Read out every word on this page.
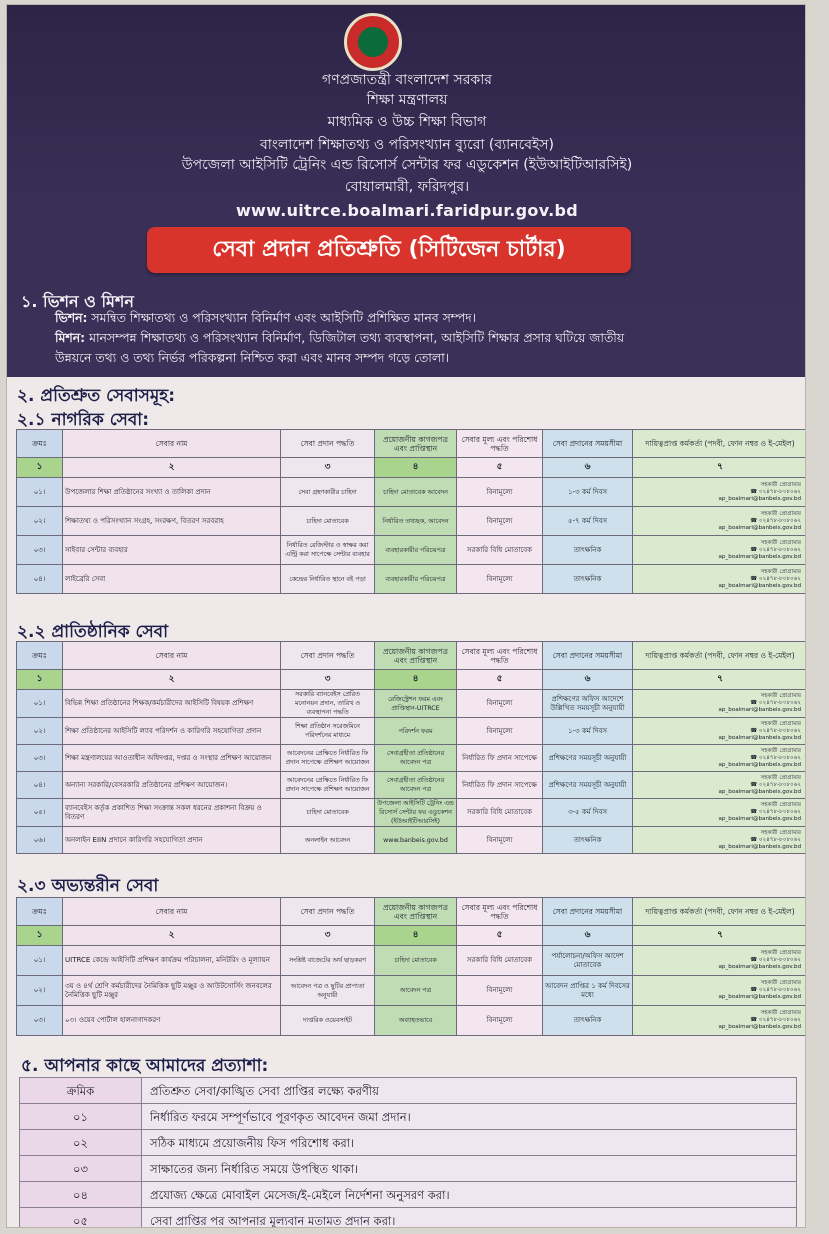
গণপ্রজাতন্ত্রী বাংলাদেশ সরকার
শিক্ষা মন্ত্রণালয়
মাধ্যমিক ও উচ্চ শিক্ষা বিভাগ
বাংলাদেশ শিক্ষাতথ্য ও পরিসংখ্যান ব্যুরো (ব্যানবেইস)
উপজেলা আইসিটি ট্রেনিং এন্ড রিসোর্স সেন্টার ফর এডুকেশন (ইউআইটিআরসিই)
বোয়ালমারী, ফরিদপুর।
www.uitrce.boalmari.faridpur.gov.bd
সেবা প্রদান প্রতিশ্রুতি (সিটিজেন চার্টার)
১. ভিশন ও মিশন
ভিশন: সমন্বিত শিক্ষাতথ্য ও পরিসংখ্যান বিনির্মাণ এবং আইসিটি প্রশিক্ষিত মানব সম্পদ।
মিশন: মানসম্পন্ন শিক্ষাতথ্য ও পরিসংখ্যান বিনির্মাণ, ডিজিটাল তথ্য ব্যবস্থাপনা, আইসিটি শিক্ষার প্রসার ঘটিয়ে জাতীয়
উন্নয়নে তথ্য ও তথ্য নির্ভর পরিকল্পনা নিশ্চিত করা এবং মানব সম্পদ গড়ে তোলা।
২. প্রতিশ্রুত সেবাসমূহ:
২.১ নাগরিক সেবা:
ক্রমঃ	সেবার নাম	সেবা প্রদান পদ্ধতি	প্রয়োজনীয় কাগজপত্র এবং প্রাপ্তিস্থান	সেবার মূল্য এবং পরিশোধ পদ্ধতি	সেবা প্রদানের সময়সীমা	দায়িত্বপ্রাপ্ত কর্মকর্তা (পদবী, ফোন নম্বর ও ই-মেইল)
১	২	৩	৪	৫	৬	৭
০১।	উপজেলার শিক্ষা প্রতিষ্ঠানের সংখ্যা ও তালিকা প্রদান	সেবা গ্রহণকারীর চাহিদা	চাহিদা মোতাবেক আবেদন	বিনামূল্যে	১-৩ কর্ম দিবস	সহকারী প্রোগ্রামার
☎ ০২৪৭৮-৮০৮০৬২
ap_boalmari@banbeis.gov.bd

০২।	শিক্ষাতথ্য ও পরিসংখ্যান সংগ্রহ, সংরক্ষণ, বিতরণ সরবরাহ	চাহিদা মোতাবেক	নির্ধারিত তথ্যছক, আবেদন	বিনামূল্যে	৫-৭ কর্ম দিবস	সহকারী প্রোগ্রামার
☎ ০২৪৭৮-৮০৮০৬২
ap_boalmari@banbeis.gov.bd

০৩।	সাইবার সেন্টার ব্যবহার	নির্ধারিত রেজিস্টার ও স্বাক্ষর করা এন্ট্রি করা সাপেক্ষে সেন্টার ব্যবহার	ব্যবহারকারীর পরিচয়পত্র	সরকারি বিধি মোতাবেক	তাৎক্ষনিক	সহকারী প্রোগ্রামার
☎ ০২৪৭৮-৮০৮০৬২
ap_boalmari@banbeis.gov.bd

০৪।	লাইব্রেরি সেবা	কেন্দ্রের নির্ধারিত স্থানে বই পড়া	ব্যবহারকারীর পরিচয়পত্র	বিনামূল্যে	তাৎক্ষনিক	সহকারী প্রোগ্রামার
☎ ০২৪৭৮-৮০৮০৬২
ap_boalmari@banbeis.gov.bd
২.২ প্রাতিষ্ঠানিক সেবা
ক্রমঃ	সেবার নাম	সেবা প্রদান পদ্ধতি	প্রয়োজনীয় কাগজপত্র এবং প্রাপ্তিস্থান	সেবার মূল্য এবং পরিশোধ পদ্ধতি	সেবা প্রদানের সময়সীমা	দায়িত্বপ্রাপ্ত কর্মকর্তা (পদবী, ফোন নম্বর ও ই-মেইল)
১	২	৩	৪	৫	৬	৭
০১।	বিভিন্ন শিক্ষা প্রতিষ্ঠানের শিক্ষক/কর্মচারীদের আইসিটি বিষয়ক প্রশিক্ষণ	সরকারি ব্যানবেইস প্রেরিত মনোনয়ন প্রদান, তারিখ ও ব্যবস্থাপনা পদ্ধতি	রেজিস্ট্রেশন ফরম এবং প্রাপ্তিস্থান-UITRCE	বিনামূল্যে	প্রশিক্ষণের অফিস আদেশে উল্লিখিত সময়সূচী অনুযায়ী	সহকারী প্রোগ্রামার
☎ ০২৪৭৮-৮০৮০৬২
ap_boalmari@banbeis.gov.bd

০২।	শিক্ষা প্রতিষ্ঠানের আইসিটি ল্যাব পরিদর্শন ও কারিগরি সহযোগিতা প্রদান	শিক্ষা প্রতিষ্ঠান সরেজমিনে পরিদর্শনের মাধ্যমে	পরিদর্শন ফরম	বিনামূল্যে	১-৩ কর্ম দিবস	সহকারী প্রোগ্রামার
☎ ০২৪৭৮-৮০৮০৬২
ap_boalmari@banbeis.gov.bd

০৩।	শিক্ষা মন্ত্রণালয়ের আওতাধীন অধিদপ্তর, দপ্তর ও সংস্থার প্রশিক্ষণ আয়োজন	আবেদনের প্রেক্ষিতে নির্ধারিত ফি প্রদান সাপেক্ষে প্রশিক্ষণ আয়োজন	সেবাগ্রহীতা প্রতিষ্ঠানের আবেদন পত্র	নির্ধারিত ফি প্রদান সাপেক্ষে	প্রশিক্ষণের সময়সূচী অনুযায়ী	সহকারী প্রোগ্রামার
☎ ০২৪৭৮-৮০৮০৬২
ap_boalmari@banbeis.gov.bd

০৪।	অন্যান্য সরকারি/বেসরকারি প্রতিষ্ঠানের প্রশিক্ষণ আয়োজন।	আবেদনের প্রেক্ষিতে নির্ধারিত ফি প্রদান সাপেক্ষে প্রশিক্ষণ আয়োজন	সেবাগ্রহীতা প্রতিষ্ঠানের আবেদন পত্র	নির্ধারিত ফি প্রদান সাপেক্ষে	প্রশিক্ষণের সময়সূচী অনুযায়ী	সহকারী প্রোগ্রামার
☎ ০২৪৭৮-৮০৮০৬২
ap_boalmari@banbeis.gov.bd

০৫।	ব্যানবেইস কর্তৃক প্রকাশিত শিক্ষা সংক্রান্ত সকল ধরনের প্রকাশনা বিক্রয় ও বিতরণ	চাহিদা মোতাবেক	উপজেলা আইসিটি ট্রেনিং এন্ড রিসোর্স সেন্টার ফর এডুকেশন (ইউআইটিআরসিই)	সরকারি বিধি মোতাবেক	৩-৫ কর্ম দিবস	সহকারী প্রোগ্রামার
☎ ০২৪৭৮-৮০৮০৬২
ap_boalmari@banbeis.gov.bd

০৬।	অনলাইন EIIN প্রদানে কারিগরি সহযোগিতা প্রদান	অনলাইন আবেদন	www.banbeis.gov.bd	বিনামূল্যে	তাৎক্ষনিক	সহকারী প্রোগ্রামার
☎ ০২৪৭৮-৮০৮০৬২
ap_boalmari@banbeis.gov.bd
২.৩ অভ্যন্তরীন সেবা
ক্রমঃ	সেবার নাম	সেবা প্রদান পদ্ধতি	প্রয়োজনীয় কাগজপত্র এবং প্রাপ্তিস্থান	সেবার মূল্য এবং পরিশোধ পদ্ধতি	সেবা প্রদানের সময়সীমা	দায়িত্বপ্রাপ্ত কর্মকর্তা (পদবী, ফোন নম্বর ও ই-মেইল)
১	২	৩	৪	৫	৬	৭
০১।	UITRCE কেন্দ্রে আইসিটি প্রশিক্ষণ কার্যক্রম পরিচালনা, মনিটরিং ও মূল্যায়ন	সংশ্লিষ্ট বাজেটের অর্থ ছাড়করণ	চাহিদা মোতাবেক	সরকারি বিধি মোতাবেক	পর্যালোচনা/অফিস আদেশ মোতাবেক	সহকারী প্রোগ্রামার
☎ ০২৪৭৮-৮০৮০৬২
ap_boalmari@banbeis.gov.bd

০২।	৩য় ও ৪র্থ শ্রেণি কর্মচারীদের নৈমিত্তিক ছুটি মঞ্জুর ও আউটসোর্সিং জনবলের নৈমিত্তিক ছুটি মঞ্জুর	আবেদন পত্র ও ছুটির প্রাপ্যতা অনুযায়ী	আবেদন পত্র	বিনামূল্যে	আবেদন প্রাপ্তির ১ কর্ম দিবসের মধ্যে	সহকারী প্রোগ্রামার
☎ ০২৪৭৮-৮০৮০৬২
ap_boalmari@banbeis.gov.bd

০৩।	০৩। ওয়েব পোর্টাল হালনাগাদকরণ	দাপ্তরিক ওয়েবসাইট	অব্যাহতভাবে	বিনামূল্যে	তাৎক্ষনিক	সহকারী প্রোগ্রামার
☎ ০২৪৭৮-৮০৮০৬২
ap_boalmari@banbeis.gov.bd
৫. আপনার কাছে আমাদের প্রত্যাশা:
ক্রমিক	প্রতিশ্রুত সেবা/কাঙ্খিত সেবা প্রাপ্তির লক্ষ্যে করণীয়
০১	নির্ধারিত ফরমে সম্পূর্ণভাবে পূরণকৃত আবেদন জমা প্রদান।
০২	সঠিক মাধ্যমে প্রয়োজনীয় ফিস পরিশোধ করা।
০৩	সাক্ষাতের জন্য নির্ধারিত সময়ে উপস্থিত থাকা।
০৪	প্রযোজ্য ক্ষেত্রে মোবাইল মেসেজ/ই-মেইলে নির্দেশনা অনুসরণ করা।
০৫	সেবা প্রাপ্তির পর আপনার মূল্যবান মতামত প্রদান করা।
